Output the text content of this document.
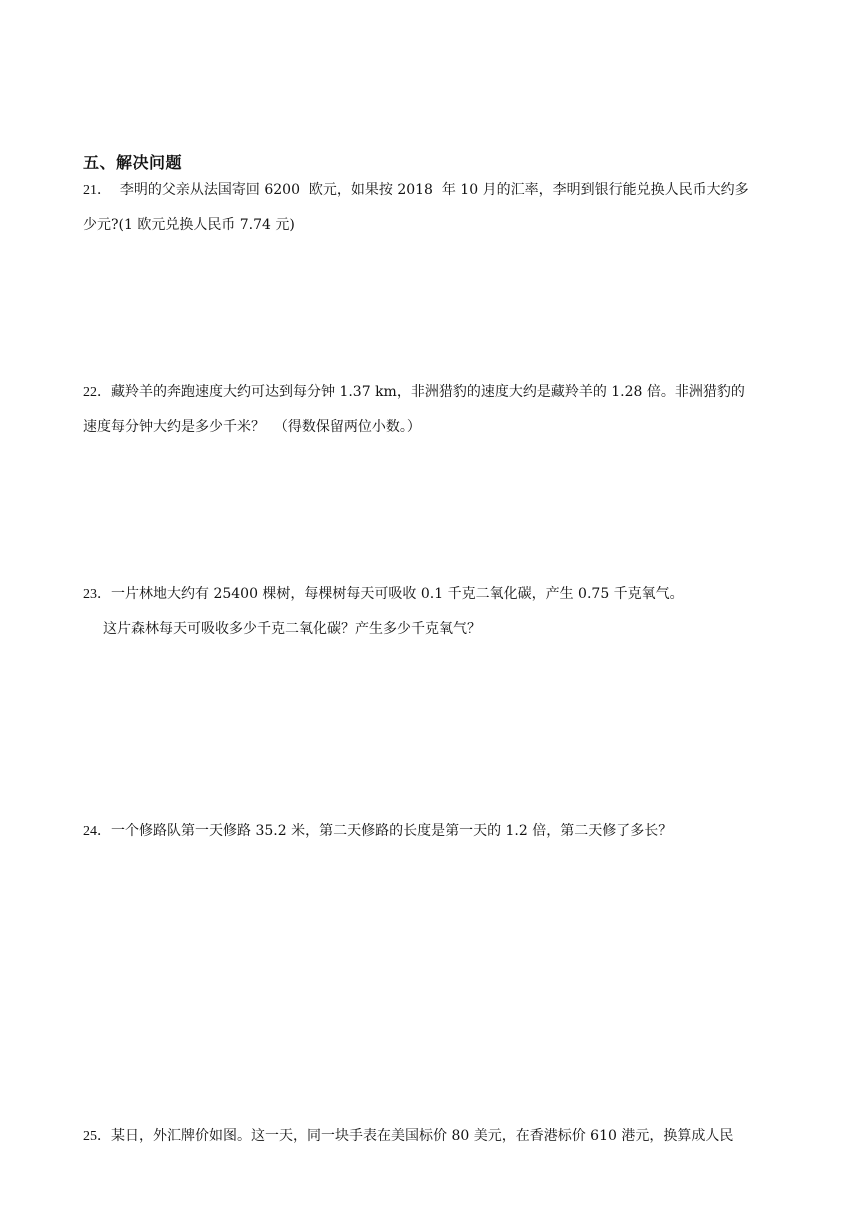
五、解决问题
21．  李明的父亲从法国寄回 6200  欧元，如果按 2018  年 10 月的汇率，李明到银行能兑换人民币大约多
少元?(1 欧元兑换人民币 7.74 元)
22．藏羚羊的奔跑速度大约可达到每分钟 1.37 km，非洲猎豹的速度大约是藏羚羊的 1.28 倍。非洲猎豹的
速度每分钟大约是多少千米？  （得数保留两位小数。）
23．一片林地大约有 25400 棵树，每棵树每天可吸收 0.1 千克二氧化碳，产生 0.75 千克氧气。
这片森林每天可吸收多少千克二氧化碳？产生多少千克氧气？
24．一个修路队第一天修路 35.2 米，第二天修路的长度是第一天的 1.2 倍，第二天修了多长？
25．某日，外汇牌价如图。这一天，同一块手表在美国标价 80 美元，在香港标价 610 港元，换算成人民
